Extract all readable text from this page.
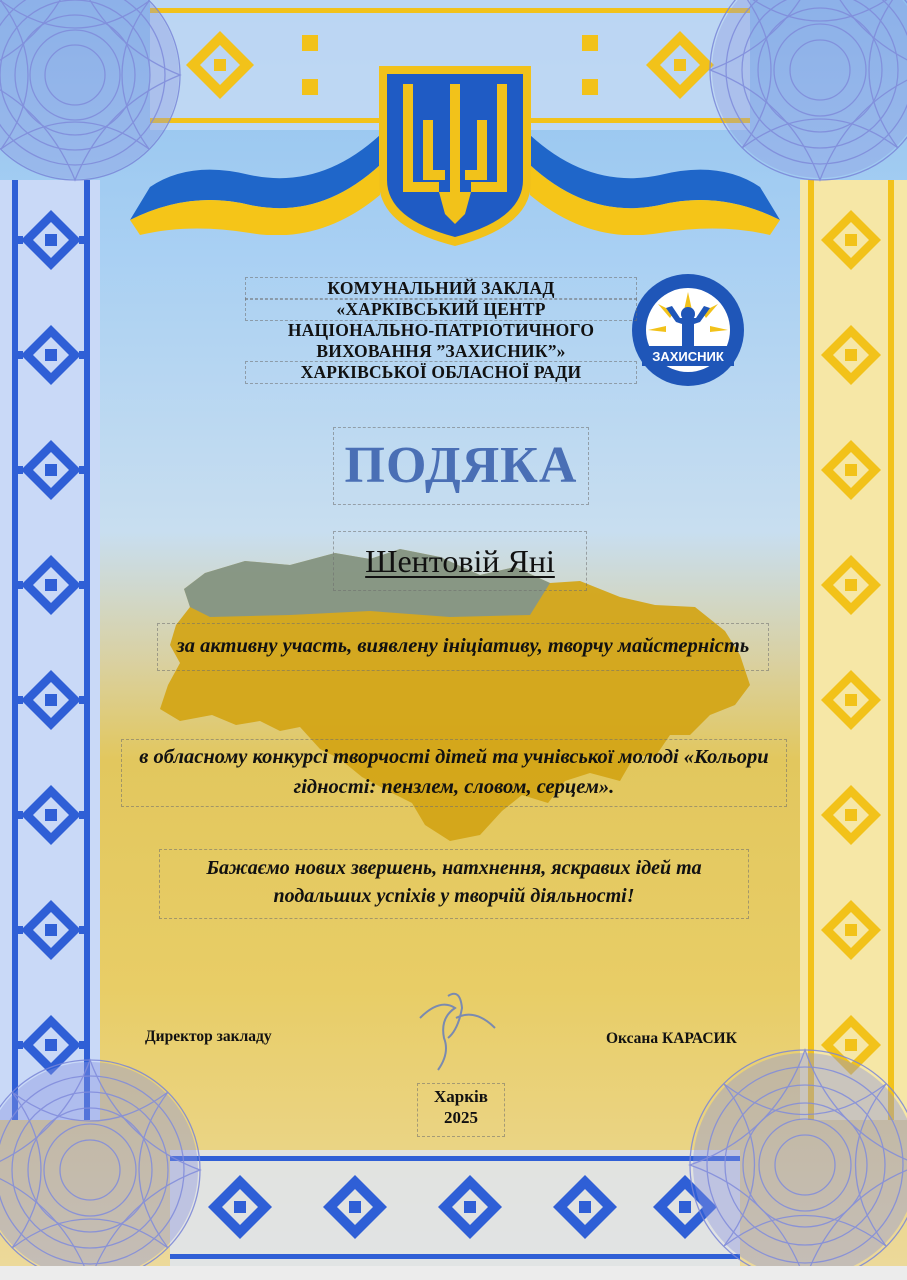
ЗАХИСНИК
КОМУНАЛЬНИЙ ЗАКЛАД
«ХАРКІВСЬКИЙ ЦЕНТР
НАЦІОНАЛЬНО-ПАТРІОТИЧНОГО
ВИХОВАННЯ ”ЗАХИСНИК”»
ХАРКІВСЬКОЇ ОБЛАСНОЇ РАДИ
ПОДЯКА
Шентовій Яні
за активну участь, виявлену ініціативу, творчу майстерність
в обласному конкурсі творчості дітей та учнівської молоді «Кольори гідності: пензлем, словом, серцем».
Бажаємо нових звершень, натхнення, яскравих ідей та подальших успіхів у творчій діяльності!
Директор закладу	Оксана КАРАСИК
Харків
2025
